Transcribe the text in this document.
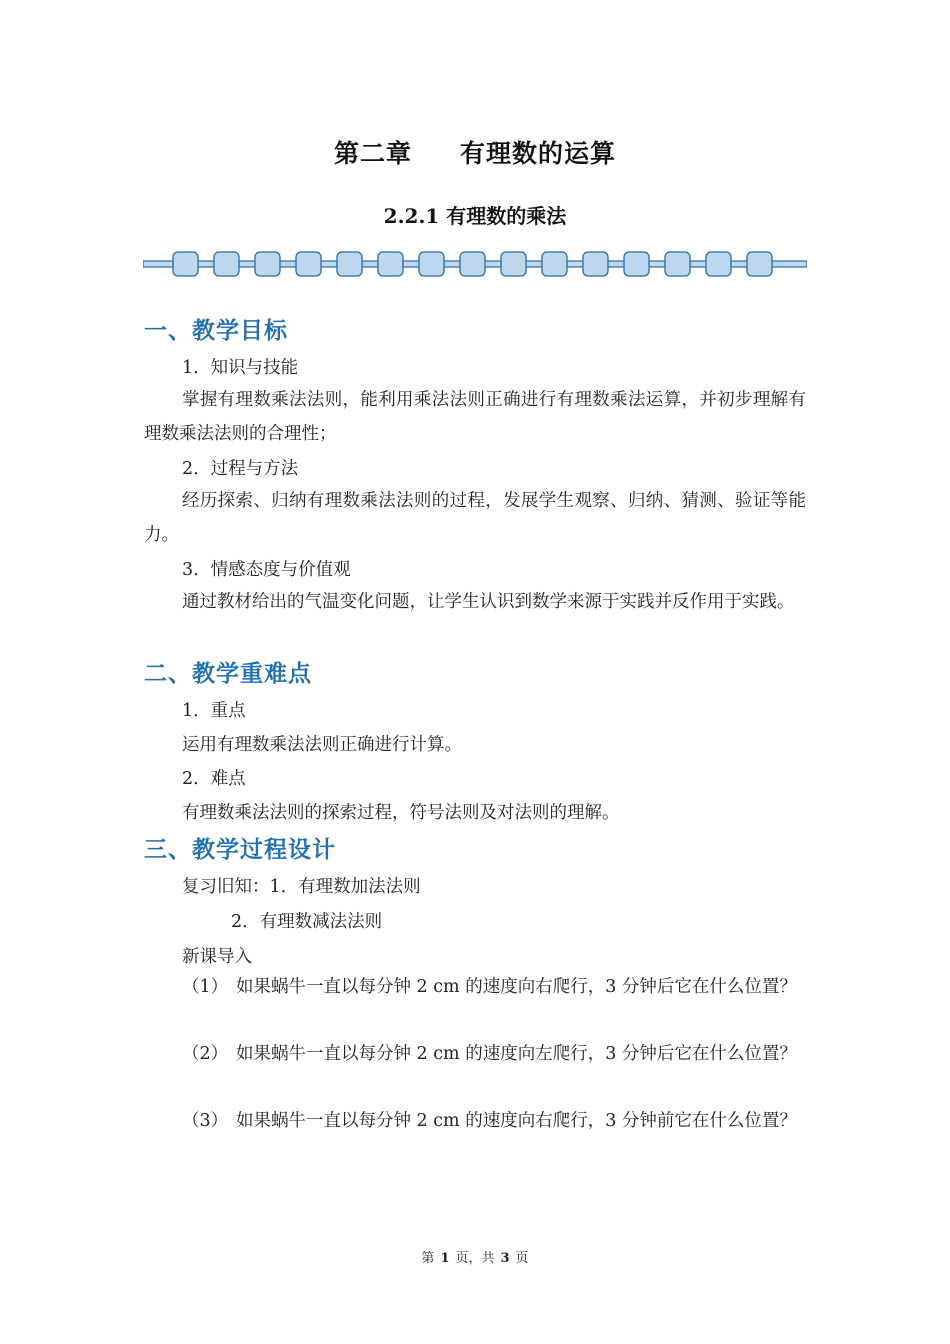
第二章 有理数的运算
2.2.1 有理数的乘法
一、教学目标
1．知识与技能
掌握有理数乘法法则，能利用乘法法则正确进行有理数乘法运算，并初步理解有理数乘法法则的合理性；
2．过程与方法
经历探索、归纳有理数乘法法则的过程，发展学生观察、归纳、猜测、验证等能力。
3．情感态度与价值观
通过教材给出的气温变化问题，让学生认识到数学来源于实践并反作用于实践。
二、教学重难点
1．重点
运用有理数乘法法则正确进行计算。
2．难点
有理数乘法法则的探索过程，符号法则及对法则的理解。
三、教学过程设计
复习旧知：1．有理数加法法则
2．有理数减法法则
新课导入
（1） 如果蜗牛一直以每分钟 2 cm 的速度向右爬行，3 分钟后它在什么位置？
（2） 如果蜗牛一直以每分钟 2 cm 的速度向左爬行，3 分钟后它在什么位置？
（3） 如果蜗牛一直以每分钟 2 cm 的速度向右爬行，3 分钟前它在什么位置？
第 1 页，共 3 页
